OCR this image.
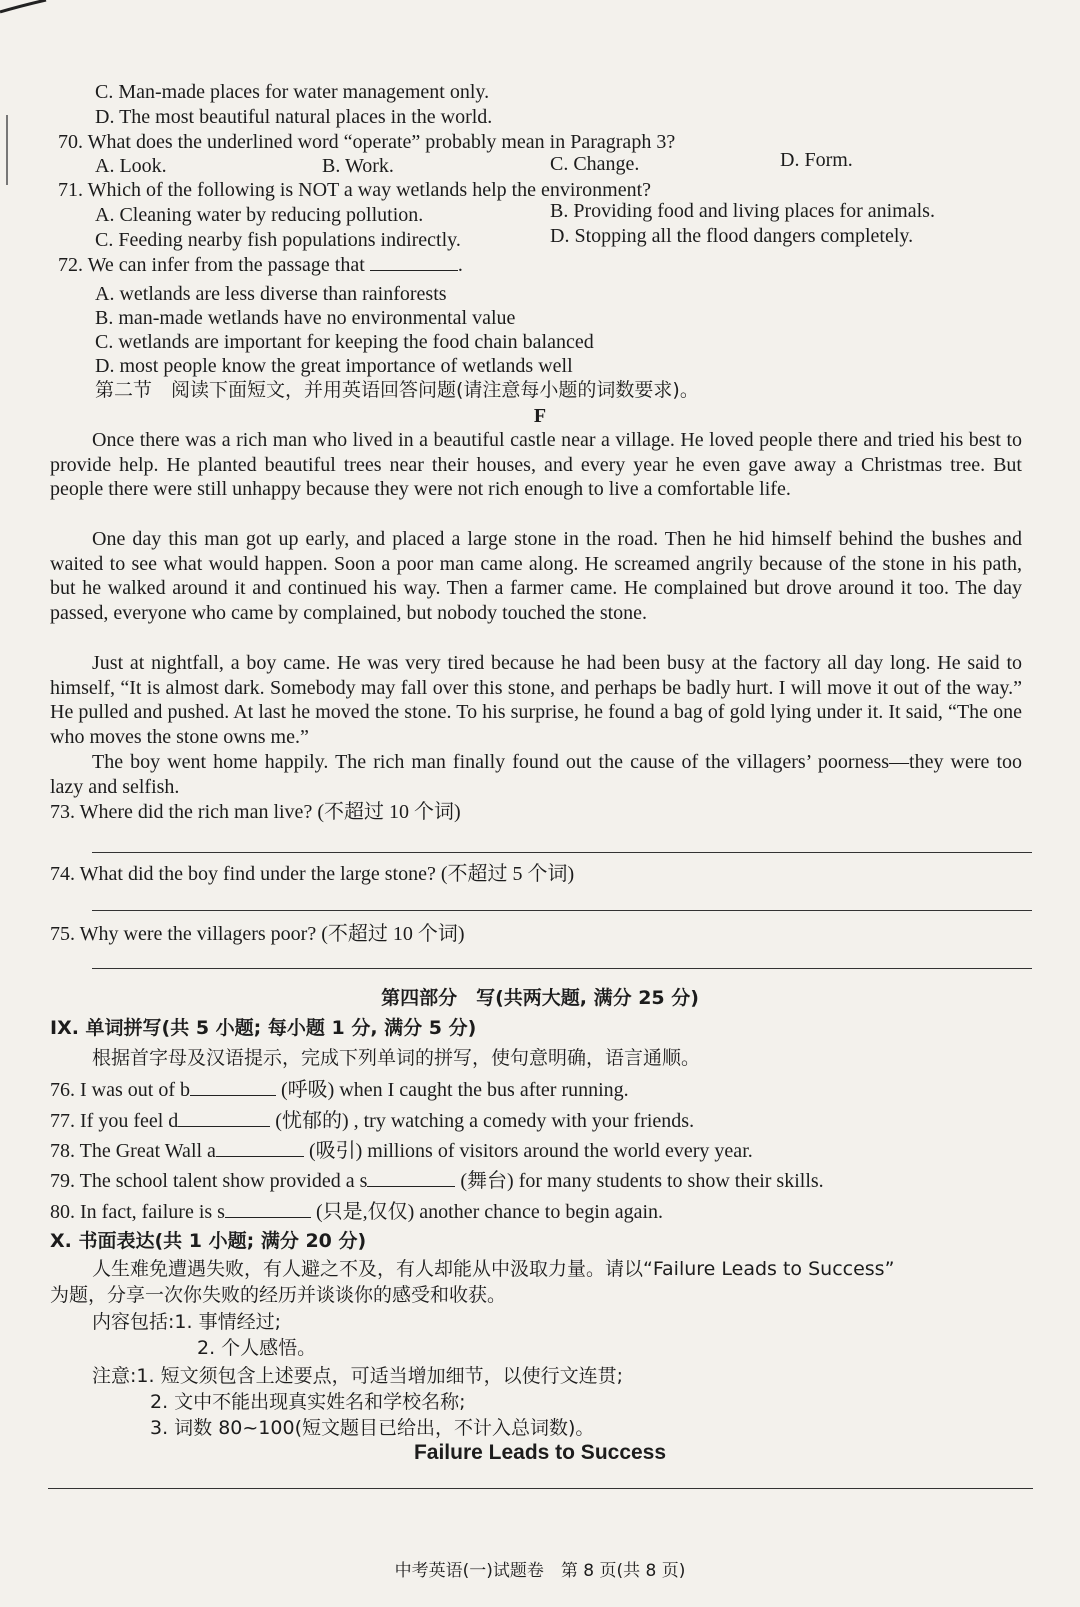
C. Man-made places for water management only.
D. The most beautiful natural places in the world.
70. What does the underlined word “operate” probably mean in Paragraph 3?
A. Look.	B. Work.	C. Change.	D. Form.
71. Which of the following is NOT a way wetlands help the environment?
A. Cleaning water by reducing pollution.	B. Providing food and living places for animals.
C. Feeding nearby fish populations indirectly.	D. Stopping all the flood dangers completely.
72. We can infer from the passage that	.
A. wetlands are less diverse than rainforests
B. man-made wetlands have no environmental value
C. wetlands are important for keeping the food chain balanced
D. most people know the great importance of wetlands well
第二节　阅读下面短文，并用英语回答问题(请注意每小题的词数要求)。
F
Once there was a rich man who lived in a beautiful castle near a village. He loved people there and tried his best to provide help. He planted beautiful trees near their houses, and every year he even gave away a Christmas tree. But people there were still unhappy because they were not rich enough to live a comfortable life.
One day this man got up early, and placed a large stone in the road. Then he hid himself behind the bushes and waited to see what would happen. Soon a poor man came along. He screamed angrily because of the stone in his path, but he walked around it and continued his way. Then a farmer came. He complained but drove around it too. The day passed, everyone who came by complained, but nobody touched the stone.
Just at nightfall, a boy came. He was very tired because he had been busy at the factory all day long. He said to himself, “It is almost dark. Somebody may fall over this stone, and perhaps be badly hurt. I will move it out of the way.” He pulled and pushed. At last he moved the stone. To his surprise, he found a bag of gold lying under it. It said, “The one who moves the stone owns me.”
The boy went home happily. The rich man finally found out the cause of the villagers’ poorness—they were too lazy and selfish.
73. Where did the rich man live? (不超过 10 个词)
74. What did the boy find under the large stone? (不超过 5 个词)
75. Why were the villagers poor? (不超过 10 个词)
第四部分　写(共两大题, 满分 25 分)
IX. 单词拼写(共 5 小题; 每小题 1 分, 满分 5 分)
根据首字母及汉语提示，完成下列单词的拼写，使句意明确，语言通顺。
76. I was out of b	(呼吸) when I caught the bus after running.
77. If you feel d	(忧郁的) , try watching a comedy with your friends.
78. The Great Wall a	(吸引) millions of visitors around the world every year.
79. The school talent show provided a s	(舞台) for many students to show their skills.
80. In fact, failure is s	(只是,仅仅) another chance to begin again.
X. 书面表达(共 1 小题; 满分 20 分)
人生难免遭遇失败，有人避之不及，有人却能从中汲取力量。请以“Failure Leads to Success”
为题，分享一次你失败的经历并谈谈你的感受和收获。
内容包括:1. 事情经过;
2. 个人感悟。
注意:1. 短文须包含上述要点，可适当增加细节，以使行文连贯;
2. 文中不能出现真实姓名和学校名称;
3. 词数 80~100(短文题目已给出，不计入总词数)。
Failure Leads to Success
中考英语(一)试题卷　第 8 页(共 8 页)
